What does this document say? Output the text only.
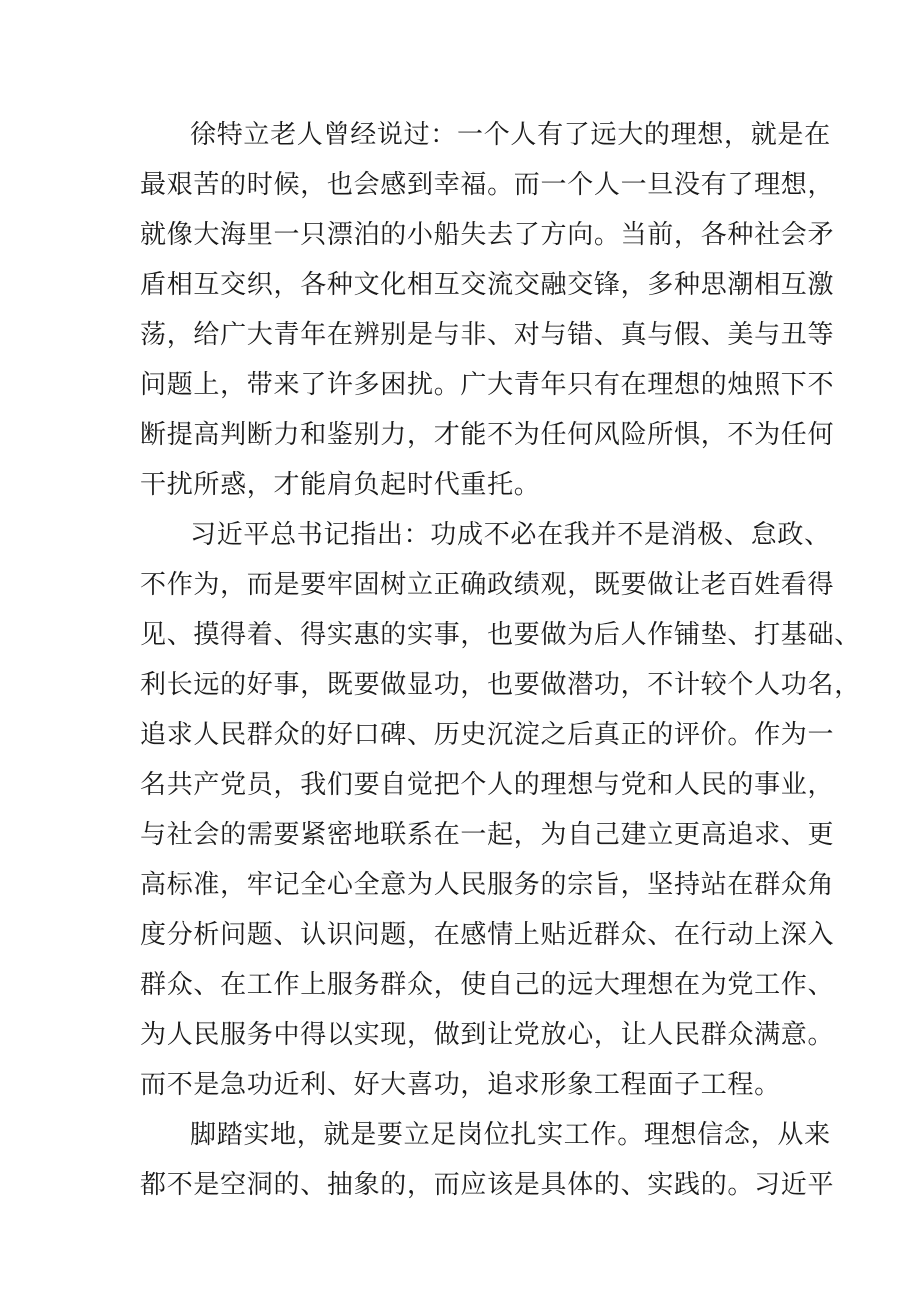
徐特立老人曾经说过：一个人有了远大的理想，就是在
最艰苦的时候，也会感到幸福。而一个人一旦没有了理想，
就像大海里一只漂泊的小船失去了方向。当前，各种社会矛
盾相互交织，各种文化相互交流交融交锋，多种思潮相互激
荡，给广大青年在辨别是与非、对与错、真与假、美与丑等
问题上，带来了许多困扰。广大青年只有在理想的烛照下不
断提高判断力和鉴别力，才能不为任何风险所惧，不为任何
干扰所惑，才能肩负起时代重托。
习近平总书记指出：功成不必在我并不是消极、怠政、
不作为，而是要牢固树立正确政绩观，既要做让老百姓看得
见、摸得着、得实惠的实事，也要做为后人作铺垫、打基础、
利长远的好事，既要做显功，也要做潜功，不计较个人功名，
追求人民群众的好口碑、历史沉淀之后真正的评价。作为一
名共产党员，我们要自觉把个人的理想与党和人民的事业，
与社会的需要紧密地联系在一起，为自己建立更高追求、更
高标准，牢记全心全意为人民服务的宗旨，坚持站在群众角
度分析问题、认识问题，在感情上贴近群众、在行动上深入
群众、在工作上服务群众，使自己的远大理想在为党工作、
为人民服务中得以实现，做到让党放心，让人民群众满意。
而不是急功近利、好大喜功，追求形象工程面子工程。
脚踏实地，就是要立足岗位扎实工作。理想信念，从来
都不是空洞的、抽象的，而应该是具体的、实践的。习近平
